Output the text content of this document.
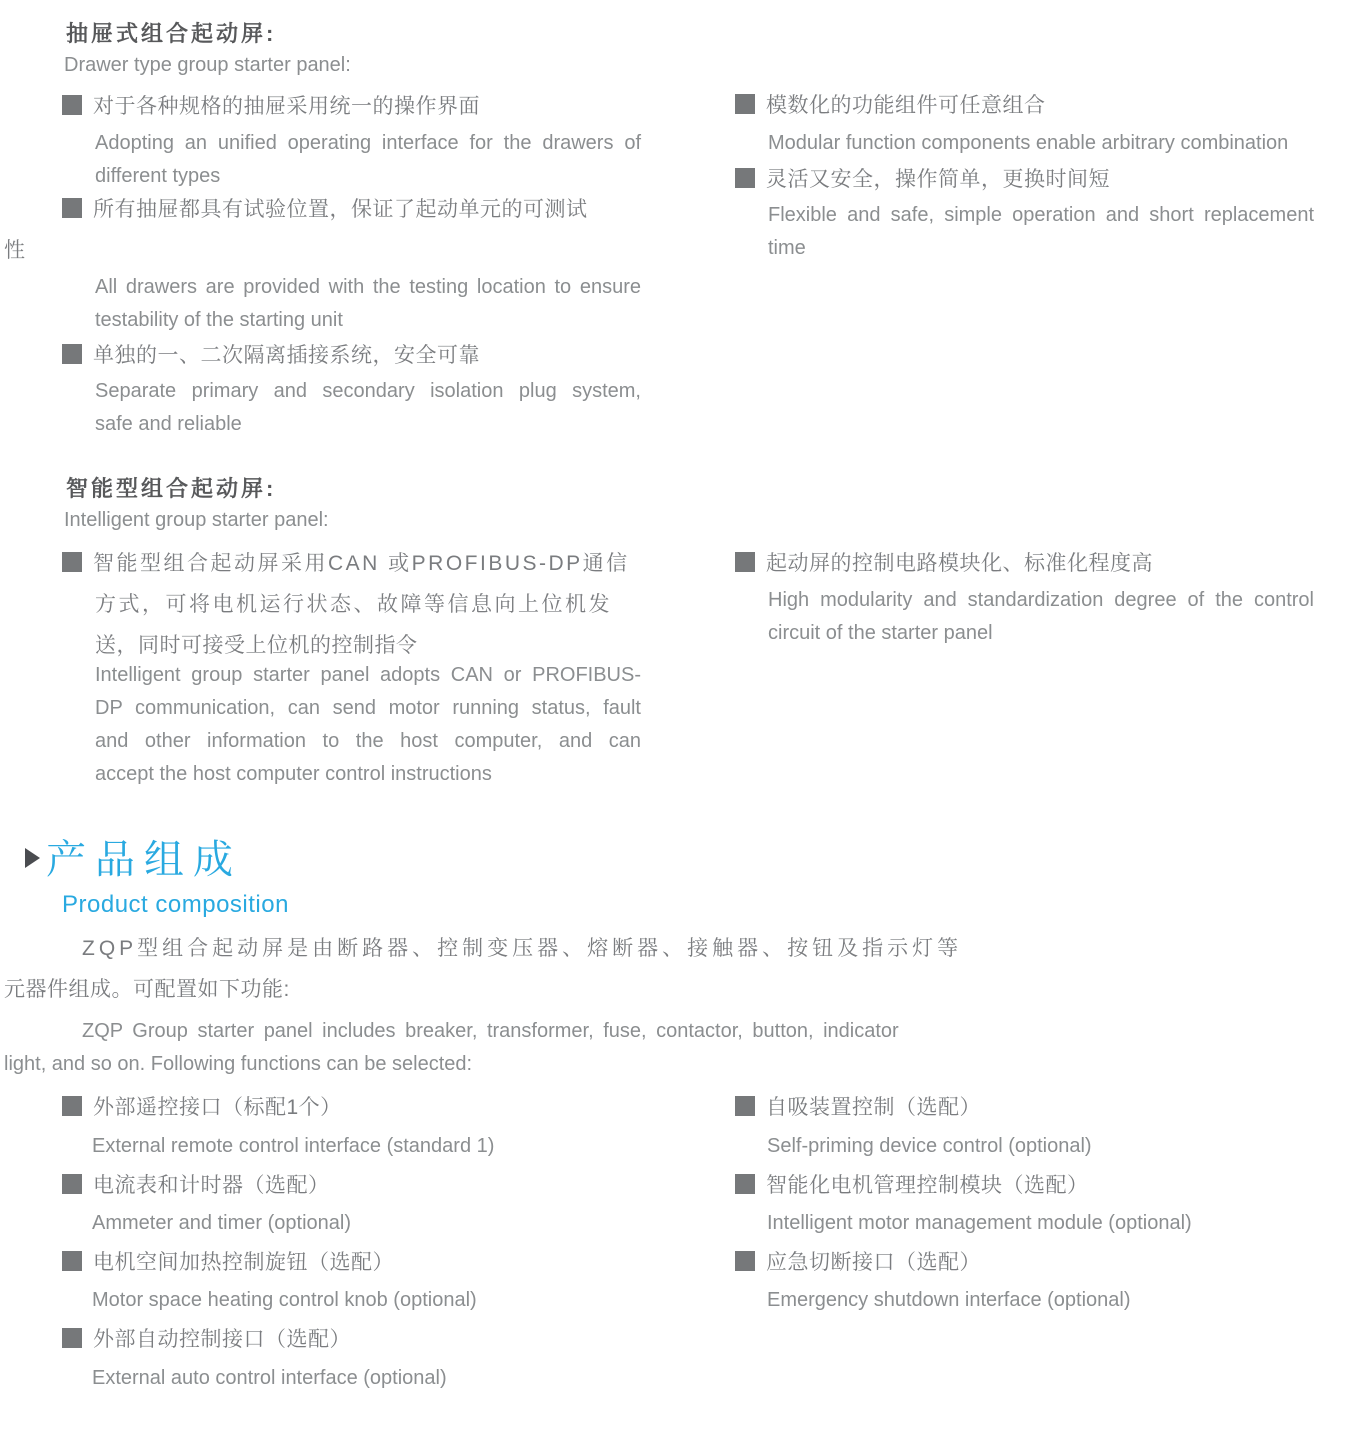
抽屉式组合起动屏:
Drawer type group starter panel:
对于各种规格的抽屉采用统一的操作界面
Adopting an unified operating interface for the drawers of
different types
所有抽屉都具有试验位置，保证了起动单元的可测试
性
All drawers are provided with the testing location to ensure
testability of the starting unit
单独的一、二次隔离插接系统，安全可靠
Separate primary and secondary isolation plug system,
safe and reliable
模数化的功能组件可任意组合
Modular function components enable arbitrary combination
灵活又安全，操作简单，更换时间短
Flexible and safe, simple operation and short replacement
time
智能型组合起动屏:
Intelligent group starter panel:
智能型组合起动屏采用CAN 或PROFIBUS-DP通信
方式，可将电机运行状态、故障等信息向上位机发
送，同时可接受上位机的控制指令
Intelligent group starter panel adopts CAN or PROFIBUS-
DP communication, can send motor running status, fault
and other information to the host computer, and can
accept the host computer control instructions
起动屏的控制电路模块化、标准化程度高
High modularity and standardization degree of the control
circuit of the starter panel
产品组成
Product composition
ZQP型组合起动屏是由断路器、控制变压器、熔断器、接触器、按钮及指示灯等
元器件组成。可配置如下功能:
ZQP Group starter panel includes breaker, transformer, fuse, contactor, button, indicator
light, and so on. Following functions can be selected:
外部遥控接口（标配1个）
External remote control interface (standard 1)
电流表和计时器（选配）
Ammeter and timer (optional)
电机空间加热控制旋钮（选配）
Motor space heating control knob (optional)
外部自动控制接口（选配）
External auto control interface (optional)
自吸装置控制（选配）
Self-priming device control (optional)
智能化电机管理控制模块（选配）
Intelligent motor management module (optional)
应急切断接口（选配）
Emergency shutdown interface (optional)
